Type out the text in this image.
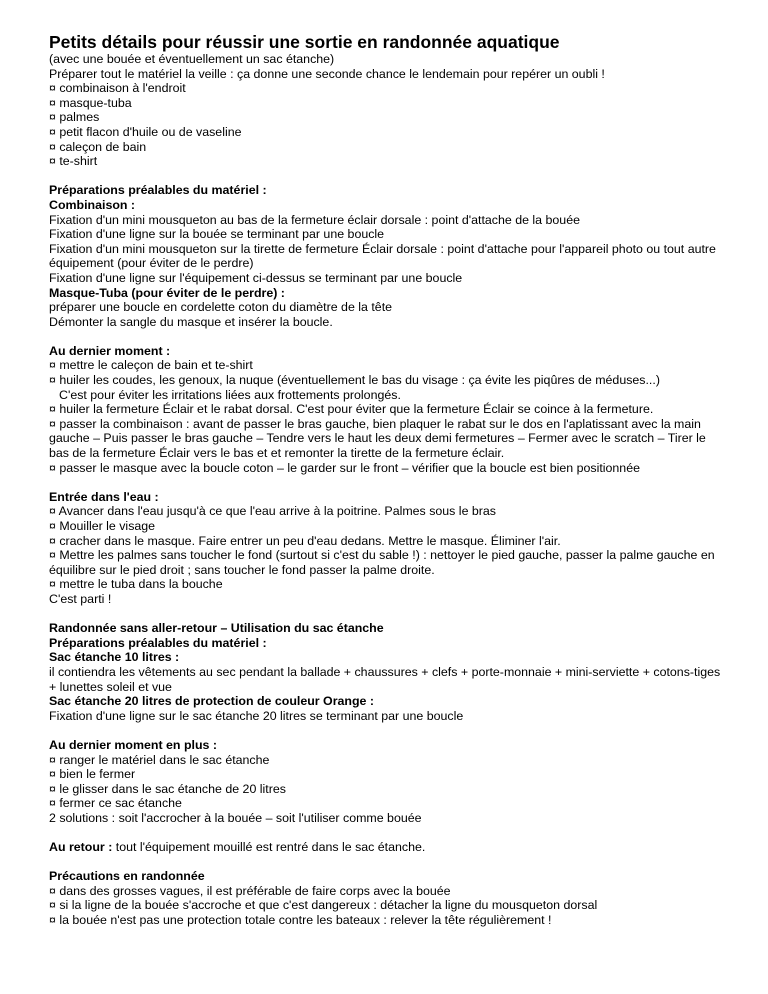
Petits détails pour réussir une sortie en randonnée aquatique

(avec une bouée et éventuellement un sac étanche)

Préparer tout le matériel la veille : ça donne une seconde chance le lendemain pour repérer un oubli !

¤ combinaison à l'endroit

¤ masque-tuba

¤ palmes

¤ petit flacon d'huile ou de vaseline

¤ caleçon de bain

¤ te-shirt

Préparations préalables du matériel :

Combinaison :

Fixation d'un mini mousqueton au bas de la fermeture éclair dorsale : point d'attache de la bouée

Fixation d'une ligne sur la bouée se terminant par une boucle

Fixation d'un mini mousqueton sur la tirette de fermeture Éclair dorsale : point d'attache pour l'appareil photo ou tout autre équipement (pour éviter de le perdre)

Fixation d'une ligne sur l'équipement ci-dessus se terminant par une boucle

Masque-Tuba (pour éviter de le perdre) :

préparer une boucle en cordelette coton du diamètre de la tête

Démonter la sangle du masque et insérer la boucle.

Au dernier moment :

¤ mettre le caleçon de bain et te-shirt

¤ huiler les coudes, les genoux, la nuque (éventuellement le bas du visage : ça évite les piqûres de méduses...)

C'est pour éviter les irritations liées aux frottements prolongés.

¤ huiler la fermeture Éclair et le rabat dorsal. C'est pour éviter que la fermeture Éclair se coince à la fermeture.

¤ passer la combinaison : avant de passer le bras gauche, bien plaquer le rabat sur le dos en l'aplatissant avec la main gauche – Puis passer le bras gauche – Tendre vers le haut les deux demi fermetures – Fermer avec le scratch – Tirer le bas de la fermeture Éclair vers le bas et et remonter la tirette de la fermeture éclair.

¤ passer le masque avec la boucle coton – le garder sur le front – vérifier que la boucle est bien positionnée

Entrée dans l'eau :

¤ Avancer dans l'eau jusqu'à ce que l'eau arrive à la poitrine. Palmes sous le bras

¤ Mouiller le visage

¤ cracher dans le masque. Faire entrer un peu d'eau dedans. Mettre le masque. Éliminer l'air.

¤ Mettre les palmes sans toucher le fond (surtout si c'est du sable !) : nettoyer le pied gauche, passer la palme gauche en équilibre sur le pied droit ; sans toucher le fond passer la palme droite.

¤ mettre le tuba dans la bouche

C'est parti !

Randonnée sans aller-retour – Utilisation du sac étanche

Préparations préalables du matériel :

Sac étanche 10 litres :

il contiendra les vêtements au sec pendant la ballade + chaussures + clefs + porte-monnaie + mini-serviette + cotons-tiges + lunettes soleil et vue

Sac étanche 20 litres de protection de couleur Orange :

Fixation d'une ligne sur le sac étanche 20 litres se terminant par une boucle

Au dernier moment en plus :

¤ ranger le matériel dans le sac étanche

¤ bien le fermer

¤ le glisser dans le sac étanche de 20 litres

¤ fermer ce sac étanche

2 solutions : soit l'accrocher à la bouée – soit l'utiliser comme bouée

Au retour : tout l'équipement mouillé est rentré dans le sac étanche.

Précautions en randonnée

¤ dans des grosses vagues, il est préférable de faire corps avec la bouée

¤ si la ligne de la bouée s'accroche et que c'est dangereux : détacher la ligne du mousqueton dorsal

¤ la bouée n'est pas une protection totale contre les bateaux : relever la tête régulièrement !
